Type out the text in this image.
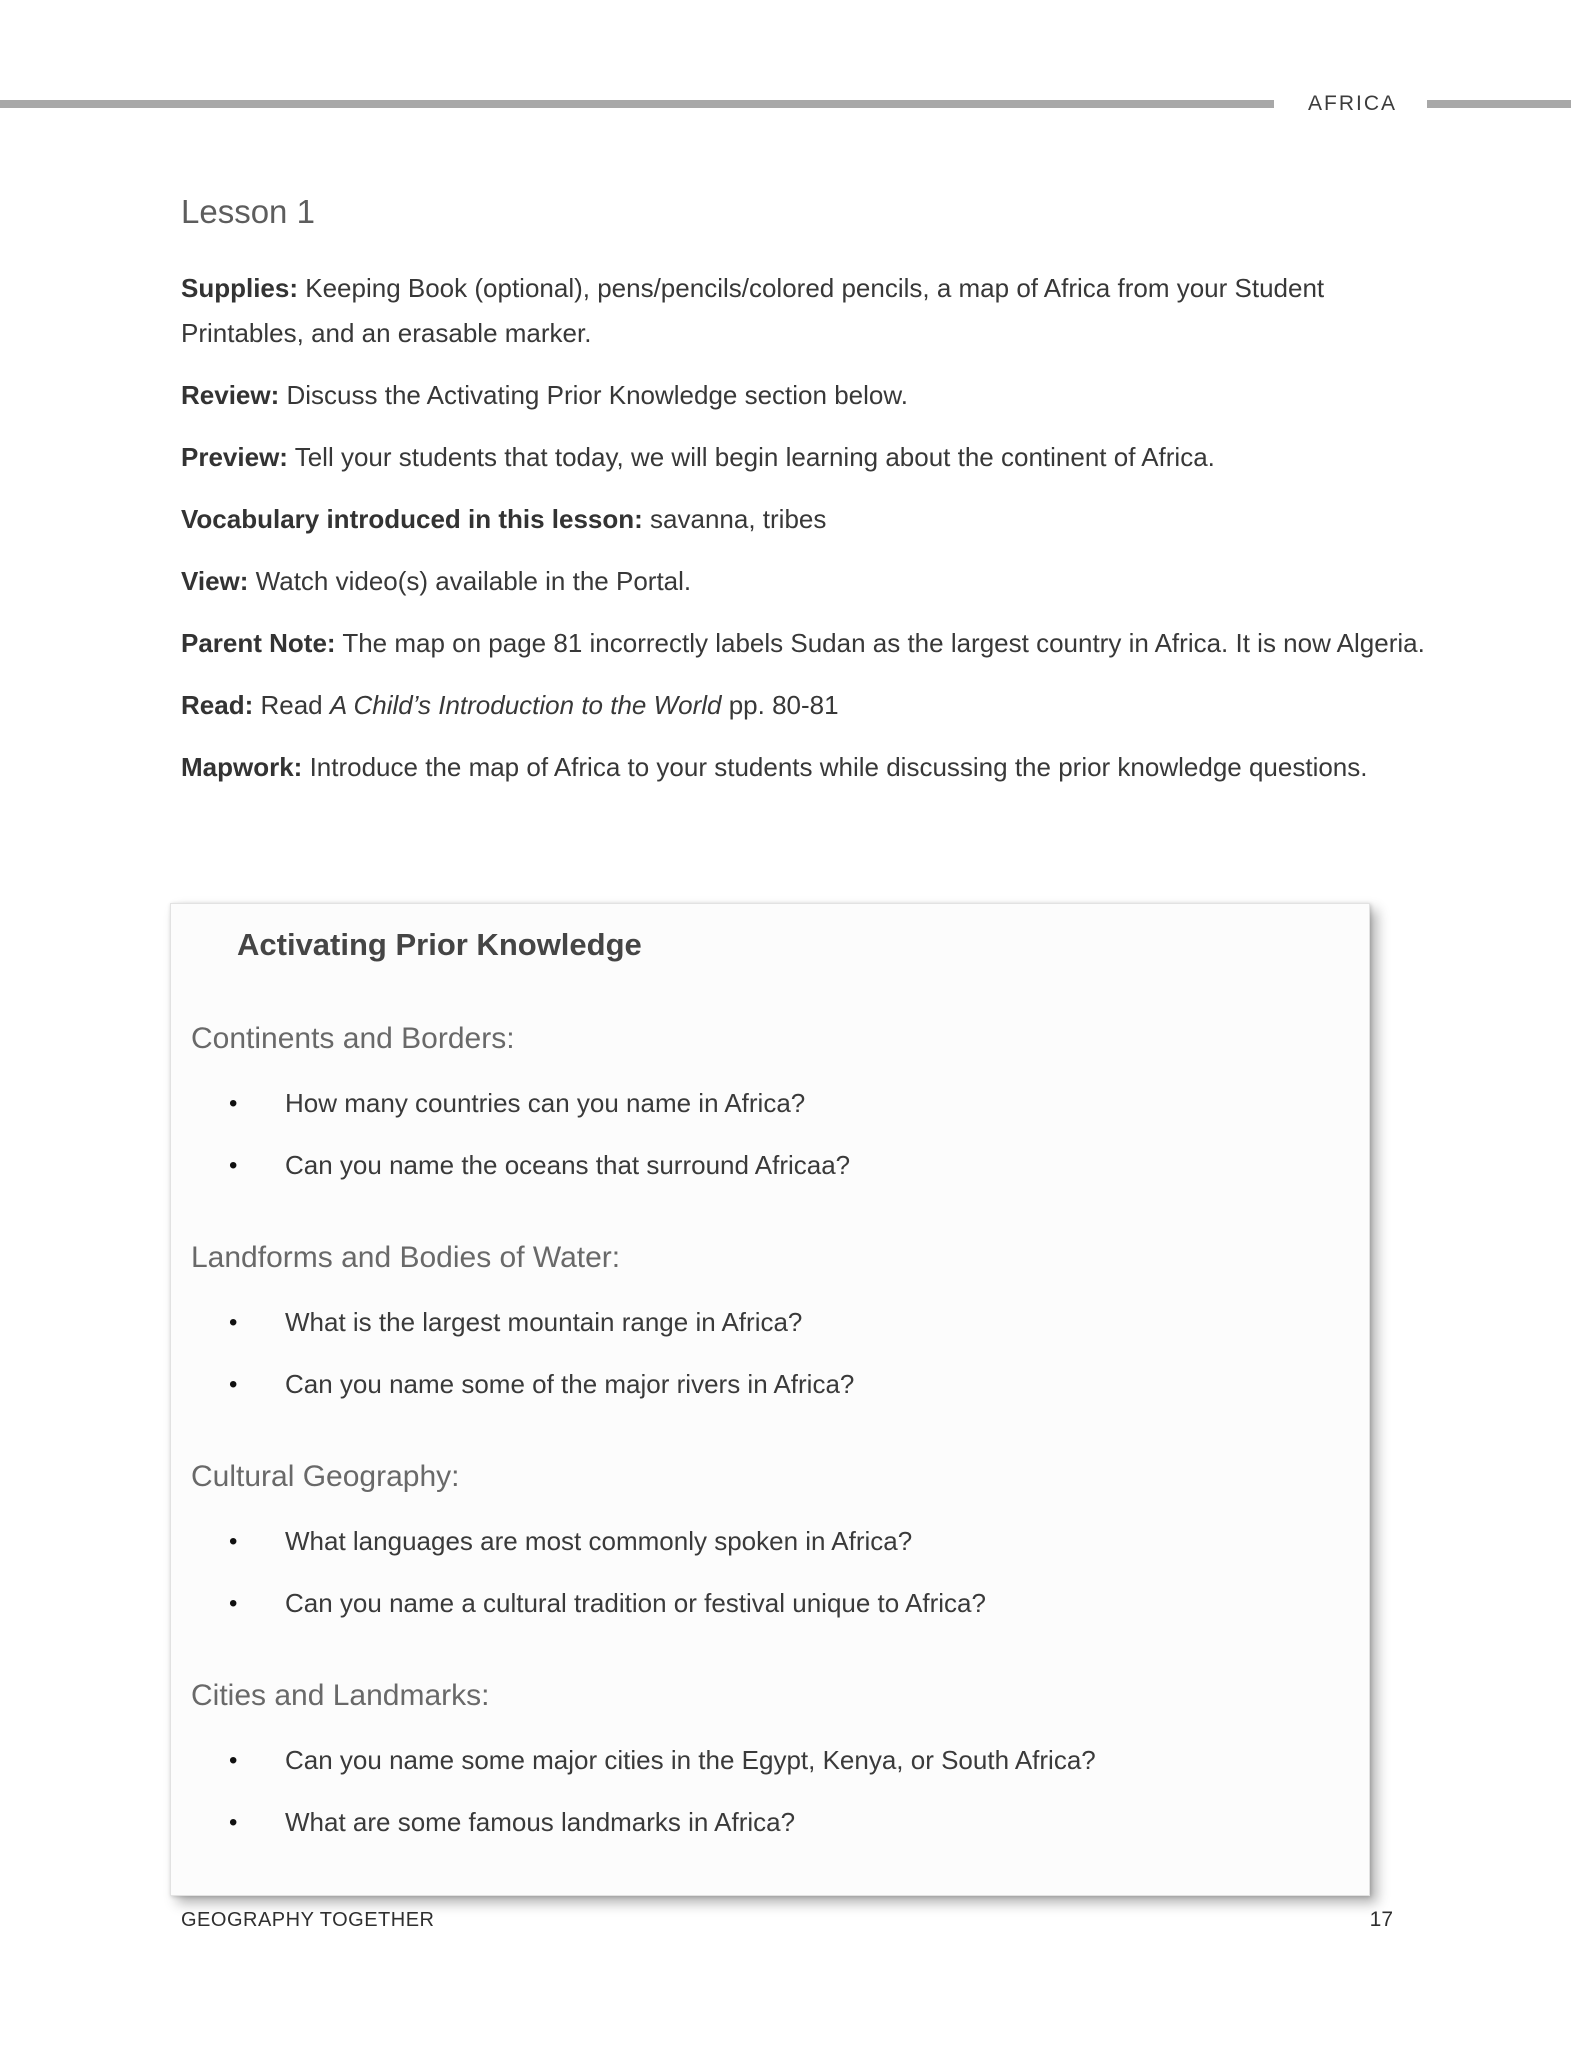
AFRICA
Lesson 1

Supplies: Keeping Book (optional), pens/pencils/colored pencils, a map of Africa from your Student Printables, and an erasable marker.

Review: Discuss the Activating Prior Knowledge section below.

Preview: Tell your students that today, we will begin learning about the continent of Africa.

Vocabulary introduced in this lesson: savanna, tribes

View: Watch video(s) available in the Portal.

Parent Note: The map on page 81 incorrectly labels Sudan as the largest country in Africa. It is now Algeria.

Read: Read A Child’s Introduction to the World pp. 80-81

Mapwork: Introduce the map of Africa to your students while discussing the prior knowledge questions.

Activating Prior Knowledge
Continents and Borders:
• How many countries can you name in Africa?
• Can you name the oceans that surround Africaa?
Landforms and Bodies of Water:
• What is the largest mountain range in Africa?
• Can you name some of the major rivers in Africa?
Cultural Geography:
• What languages are most commonly spoken in Africa?
• Can you name a cultural tradition or festival unique to Africa?
Cities and Landmarks:
• Can you name some major cities in the Egypt, Kenya, or South Africa?
• What are some famous landmarks in Africa?
GEOGRAPHY TOGETHER	17
